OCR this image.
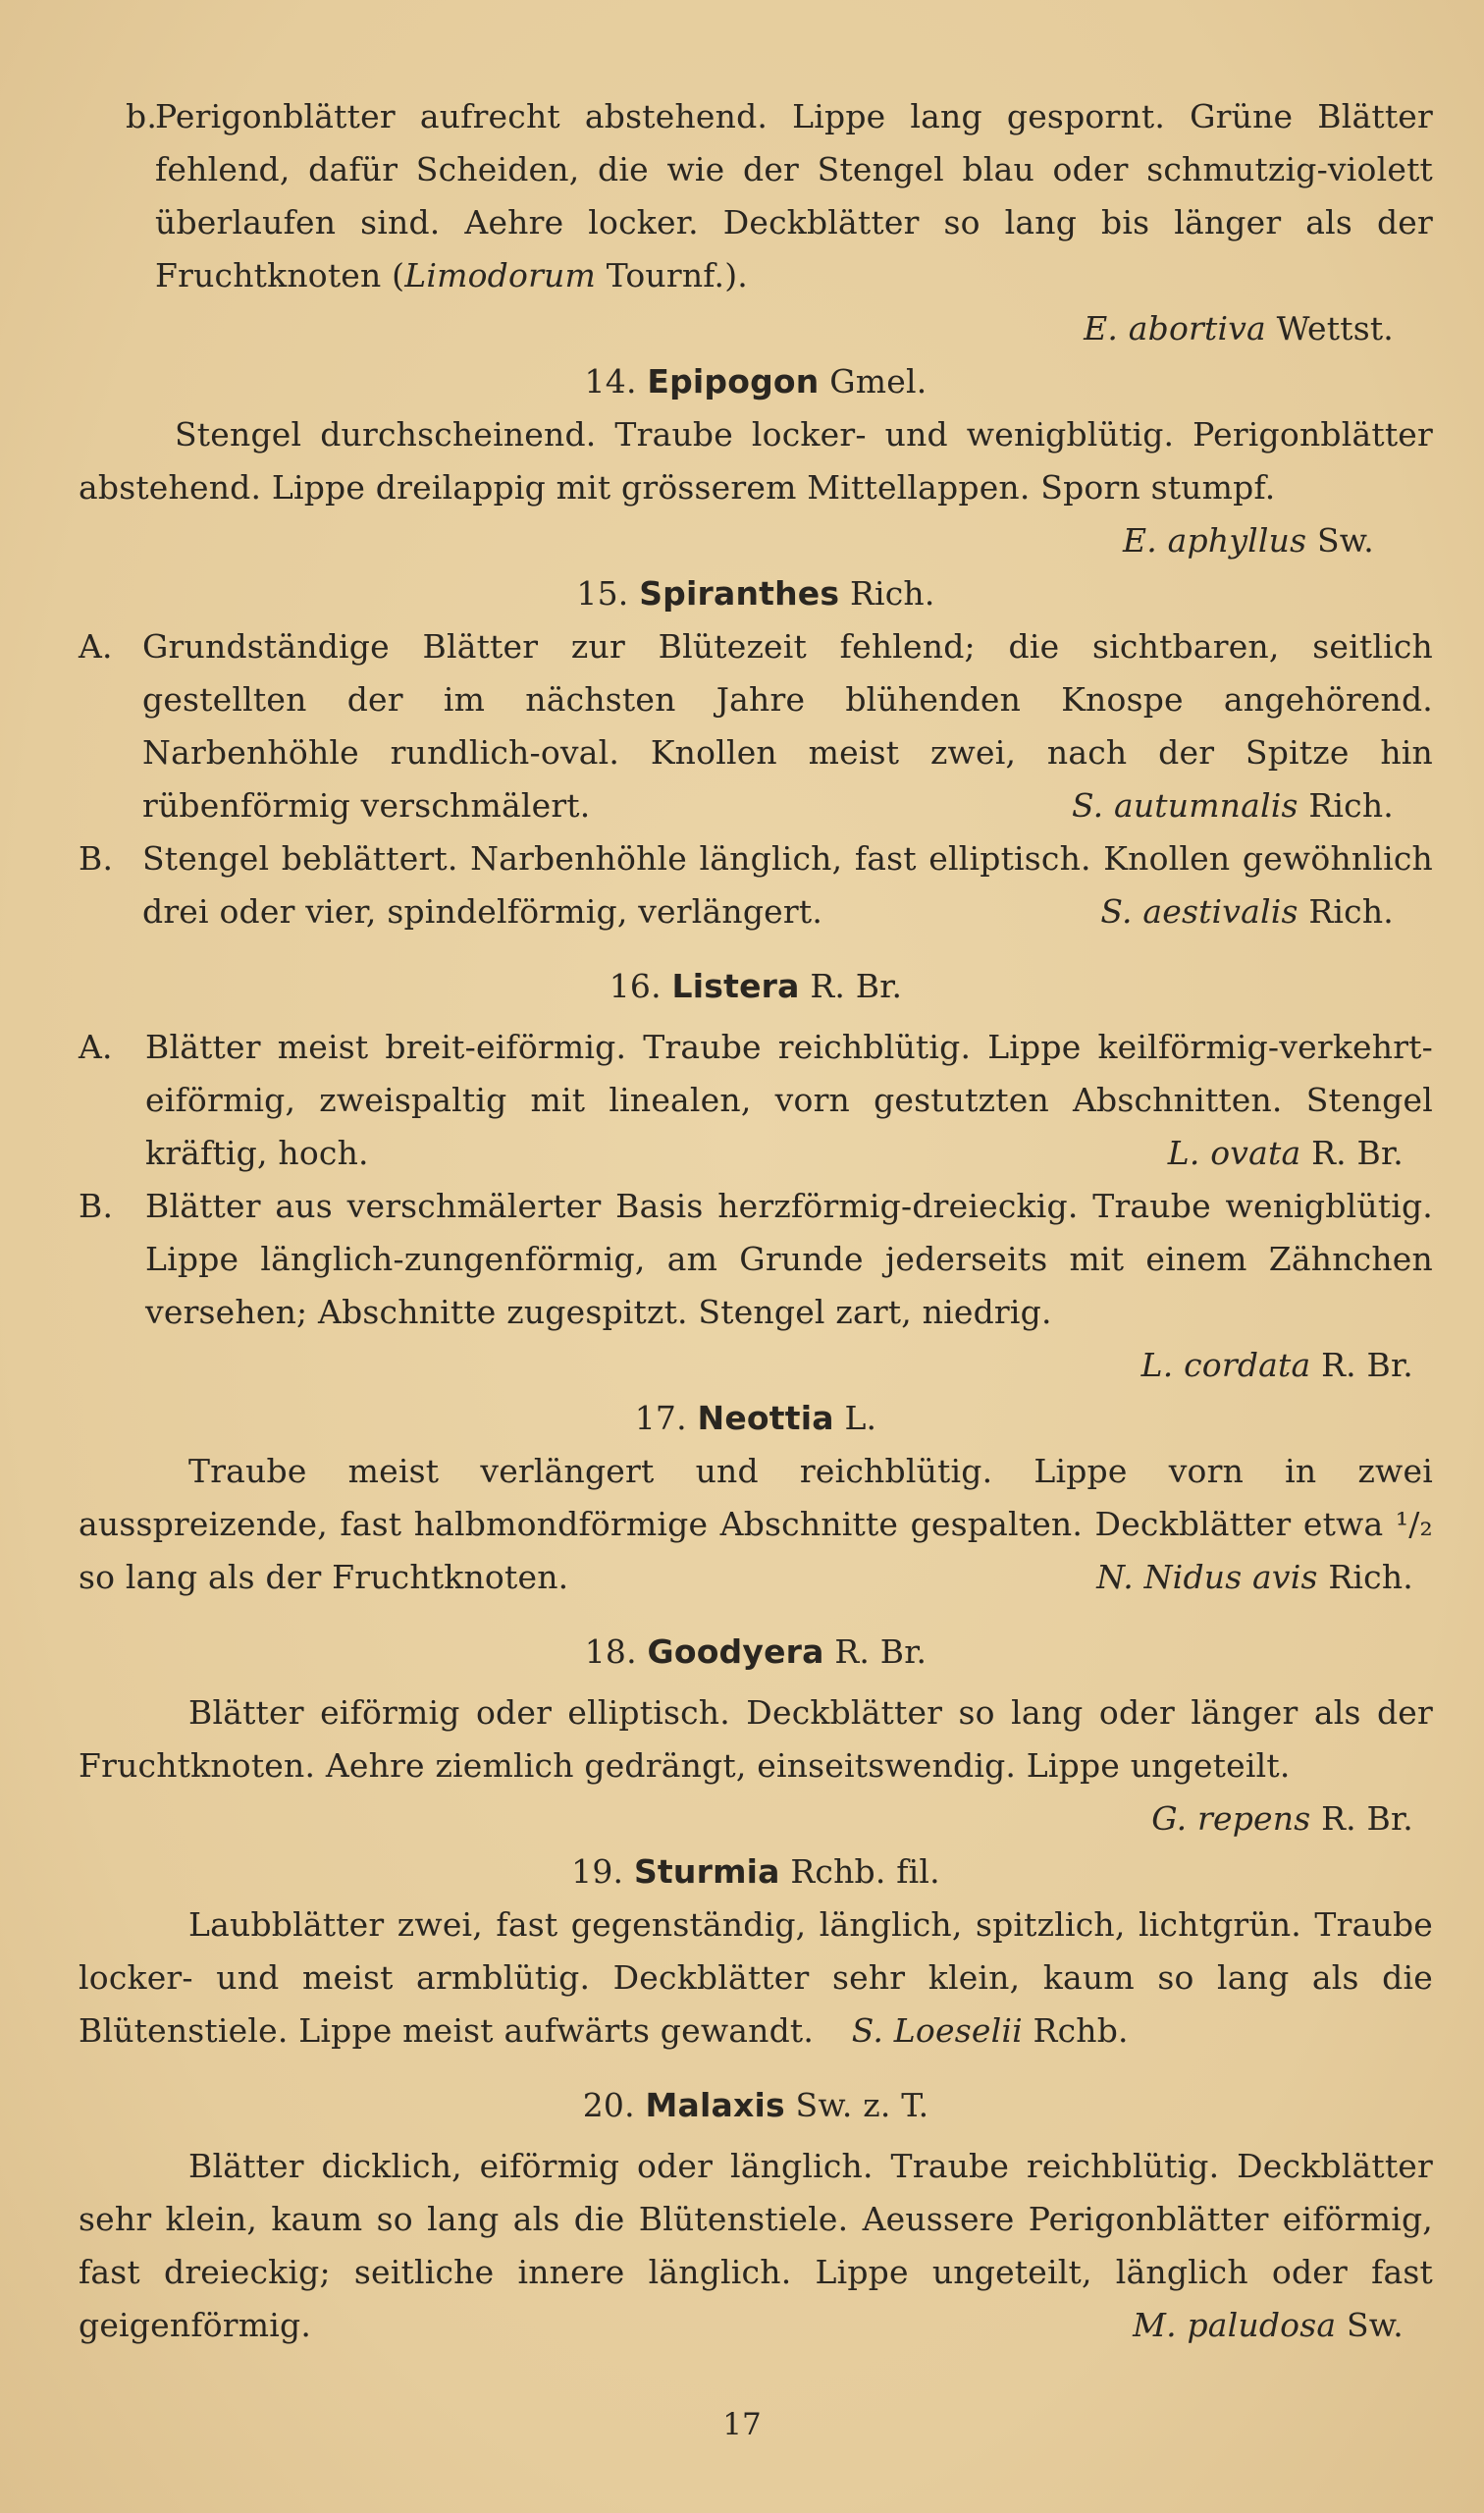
b.
Perigonblätter aufrecht abstehend. Lippe lang gespornt. Grüne Blätter fehlend, dafür Scheiden, die wie der Stengel blau oder schmutzig-violett überlaufen sind. Aehre locker. Deckblätter so lang bis länger als der Fruchtknoten (Limodorum Tournf.).
E. abortiva Wettst.
14. Epipogon Gmel.

Stengel durchscheinend. Traube locker- und wenigblütig. Perigonblätter abstehend. Lippe dreilappig mit grösserem Mittellappen. Sporn stumpf.
E. aphyllus Sw.

15. Spiranthes Rich.
A. Grundständige Blätter zur Blütezeit fehlend; die sichtbaren, seitlich gestellten der im nächsten Jahre blühenden Knospe angehörend. Narbenhöhle rundlich-oval. Knollen meist zwei, nach der Spitze hin rübenförmig verschmälert.	S. autumnalis Rich.
B. Stengel beblättert. Narbenhöhle länglich, fast elliptisch. Knollen gewöhnlich drei oder vier, spindelförmig, verlängert.	S. aestivalis Rich.
16. Listera R. Br.
A.	Blätter meist breit-eiförmig. Traube reichblütig. Lippe keilförmig-verkehrt-eiförmig, zweispaltig mit linealen, vorn gestutzten Abschnitten. Stengel kräftig, hoch.	L. ovata R. Br.
B. Blätter aus verschmälerter Basis herzförmig-dreieckig. Traube wenigblütig. Lippe länglich-zungenförmig, am Grunde jederseits mit einem Zähnchen versehen; Abschnitte zugespitzt. Stengel zart, niedrig.
L. cordata R. Br.
17. Neottia L.

Traube meist verlängert und reichblütig. Lippe vorn in zwei ausspreizende, fast halbmondförmige Abschnitte gespalten. Deckblätter etwa ¹/₂ so lang als der Fruchtknoten.	N. Nidus avis Rich.

18. Goodyera R. Br.

Blätter eiförmig oder elliptisch. Deckblätter so lang oder länger als der Fruchtknoten. Aehre ziemlich gedrängt, einseitswendig. Lippe ungeteilt.
G. repens R. Br.

19. Sturmia Rchb. fil.

Laubblätter zwei, fast gegenständig, länglich, spitzlich, lichtgrün. Traube locker- und meist armblütig. Deckblätter sehr klein, kaum so lang als die Blütenstiele. Lippe meist aufwärts gewandt. S. Loeselii Rchb.

20. Malaxis Sw. z. T.

Blätter dicklich, eiförmig oder länglich. Traube reichblütig. Deckblätter sehr klein, kaum so lang als die Blütenstiele. Aeussere Perigonblätter eiförmig, fast dreieckig; seitliche innere länglich. Lippe ungeteilt, länglich oder fast geigenförmig.	M. paludosa Sw.

17
